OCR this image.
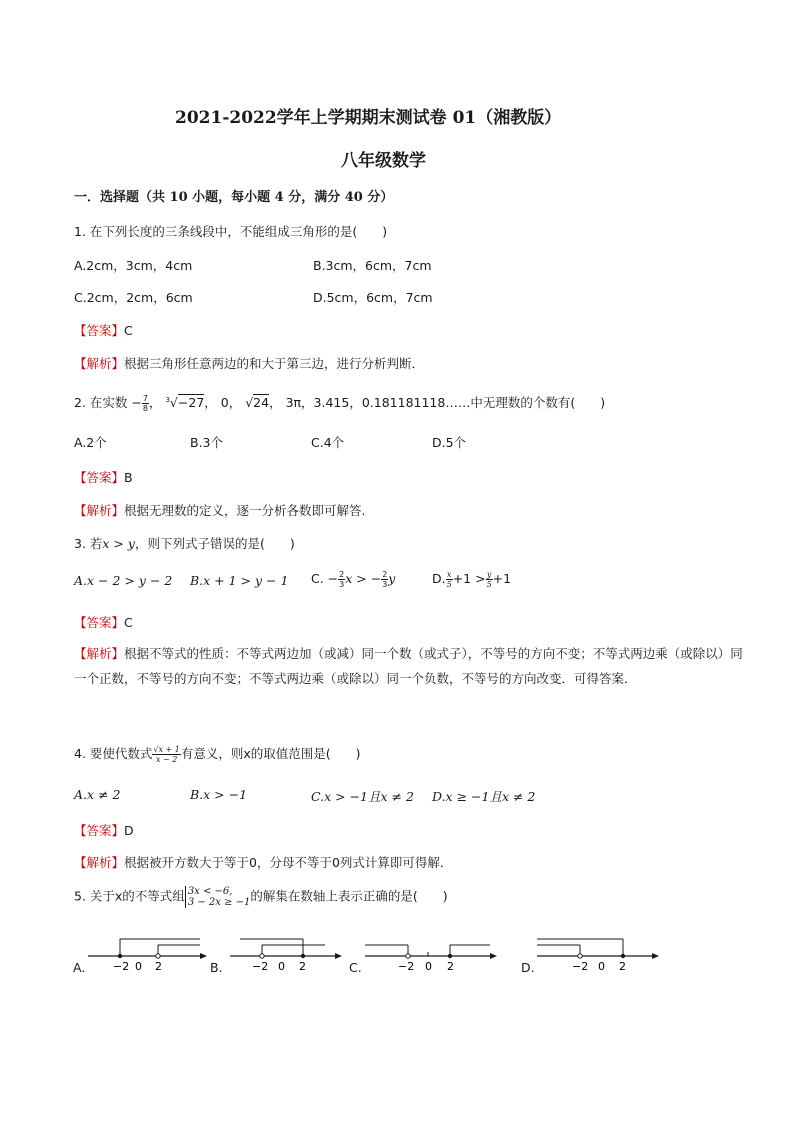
2021-2022学年上学期期末测试卷 01（湘教版）
八年级数学
一．选择题（共 10 小题，每小题 4 分，满分 40 分）
1. 在下列长度的三条线段中，不能组成三角形的是(　　)
A.2cm，3cm，4cm	B.3cm，6cm，7cm
C.2cm，2cm，6cm	D.5cm，6cm，7cm
【答案】C
【解析】根据三角形任意两边的和大于第三边，进行分析判断．
2. 在实数 − $\frac{7}{8}$ ， $^3$√−27， 0， √24， 3π，3.415，0.181181118……中无理数的个数有(　　)
A.2个	B.3个	C.4个	D.5个
【答案】B
【解析】根据无理数的定义，逐一分析各数即可解答.
3. 若x > y，则下列式子错误的是(　　)
A.x − 2 > y − 2 B.x + 1 > y − 1 C. − $\frac{2}{3}$ x > − $\frac{2}{3}$ y	D. $\frac{x}{5} +1 > \frac{y}{5} +1$
【答案】C
【解析】根据不等式的性质：不等式两边加（或减）同一个数（或式子），不等号的方向不变；不等式两边乘（或除以）同一个正数，不等号的方向不变；不等式两边乘（或除以）同一个负数，不等号的方向改变．可得答案．
4. 要使代数式 $\frac{√x + 1}{x - 2}$ 有意义，则x的取值范围是(　　)
A.x ≠ 2	B.x > −1	C.x > −1且x ≠ 2 D.x ≥ −1且x ≠ 2
【答案】D
【解析】根据被开方数大于等于0，分母不等于0列式计算即可得解．
5. 关于x的不等式组 3x < −6,
3 − 2x ≥ −1 的解集在数轴上表示正确的是(　　)
A.	B.	C.	D.
−2 0 2	−2 0 2	−2 0 2	−2 0 2
